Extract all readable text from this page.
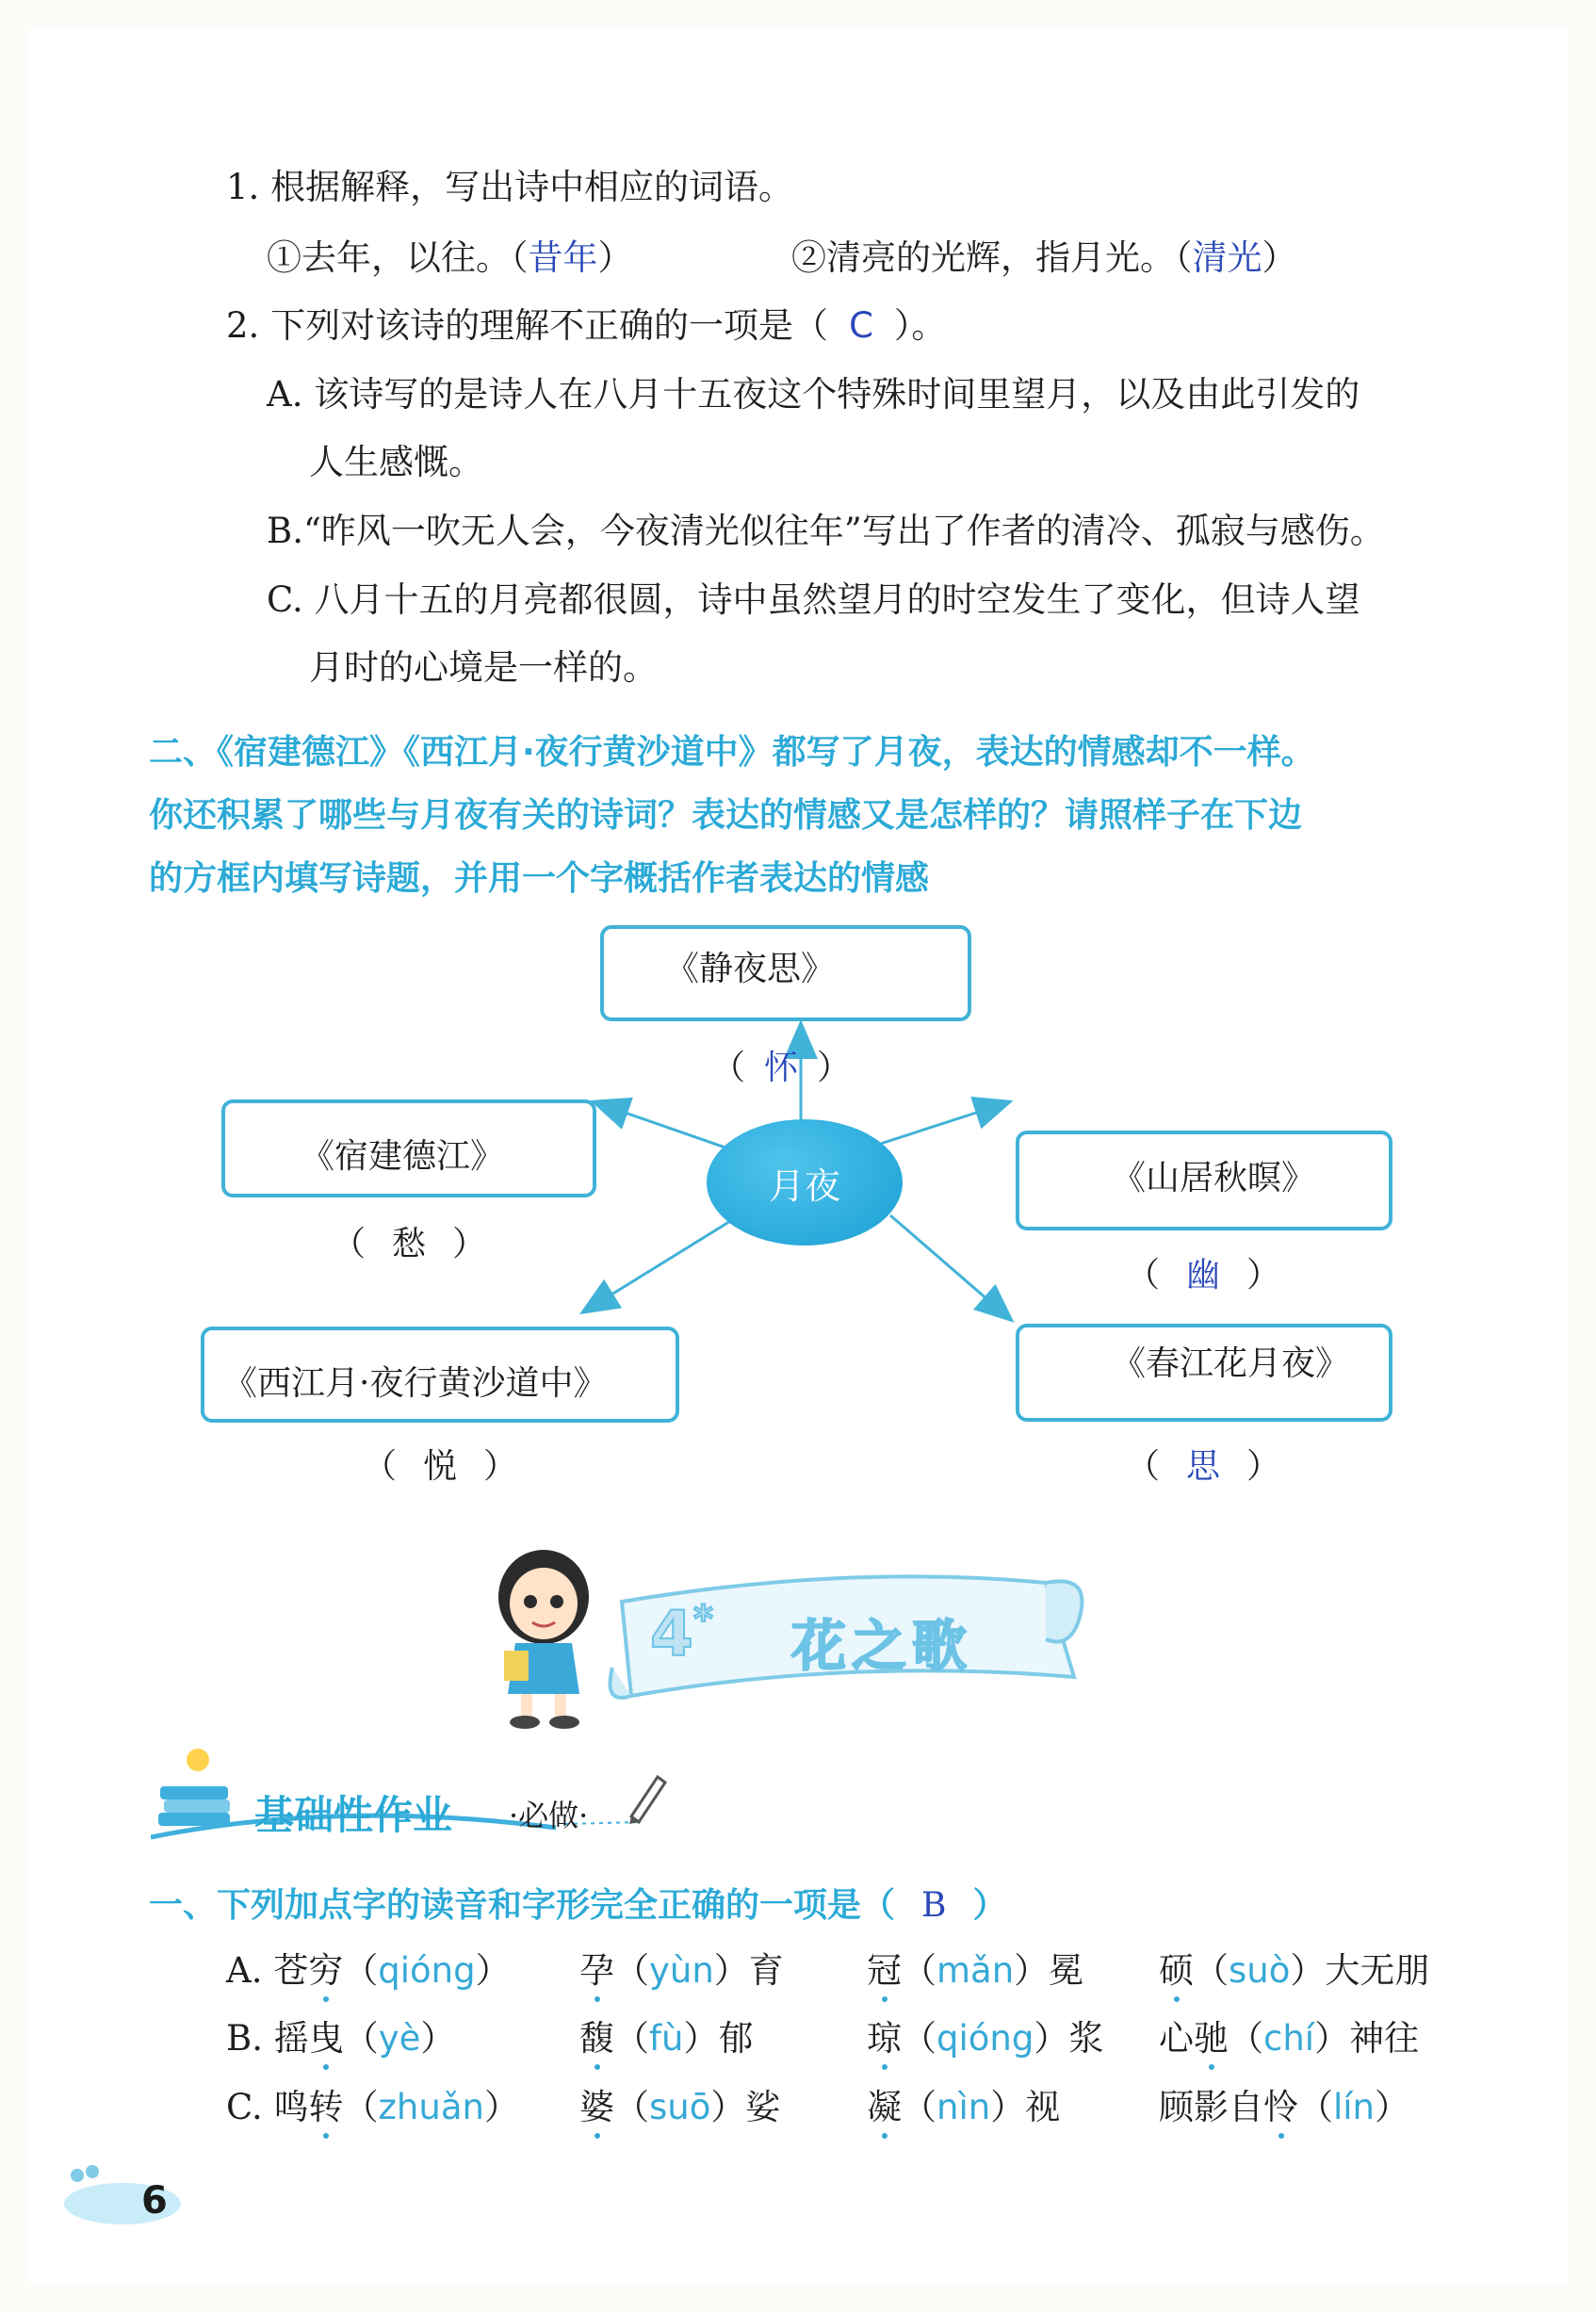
1. 根据解释，写出诗中相应的词语。
①去年，以往。（昔年）	②清亮的光辉，指月光。（清光）
2. 下列对该诗的理解不正确的一项是（ C ）。
A. 该诗写的是诗人在八月十五夜这个特殊时间里望月，以及由此引发的
人生感慨。
B.“昨风一吹无人会，今夜清光似往年”写出了作者的清冷、孤寂与感伤。
C. 八月十五的月亮都很圆，诗中虽然望月的时空发生了变化，但诗人望
月时的心境是一样的。
二、《宿建德江》《西江月·夜行黄沙道中》都写了月夜，表达的情感却不一样。
你还积累了哪些与月夜有关的诗词？表达的情感又是怎样的？请照样子在下边
的方框内填写诗题，并用一个字概括作者表达的情感
《静夜思》
（ 怀 ）
《宿建德江》
（ 愁 ）
《西江月·夜行黄沙道中》
（ 悦 ）
《山居秋暝》
（ 幽 ）
《春江花月夜》
（ 思 ）
月夜
4* 花之歌
基础性作业 ·必做·
一、下列加点字的读音和字形完全正确的一项是（ B ）
A. 苍穷（qióng） 孕（yùn）育 冠（mǎn）冕 硕（suò）大无朋
B. 摇曳（yè）	馥（fù）郁	琼（qióng）浆 心驰（chí）神往
C. 鸣转（zhuǎn） 婆（suō）娑 凝（nìn）视	顾影自怜（lín）
6
